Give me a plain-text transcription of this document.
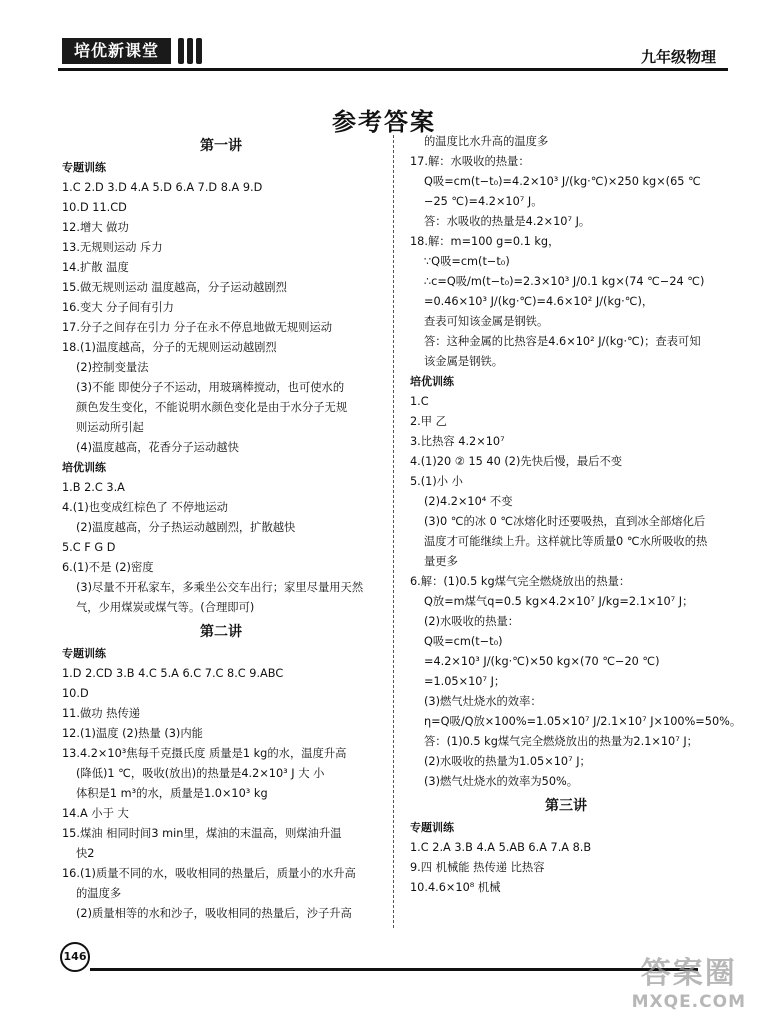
培优新课堂	九年级物理
参考答案
第一讲
专题训练
1.C 2.D 3.D 4.A 5.D 6.A 7.D 8.A 9.D
10.D 11.CD
12.增大 做功
13.无规则运动 斥力
14.扩散 温度
15.做无规则运动 温度越高，分子运动越剧烈
16.变大 分子间有引力
17.分子之间存在引力 分子在永不停息地做无规则运动
18.(1)温度越高，分子的无规则运动越剧烈
(2)控制变量法
(3)不能 即使分子不运动，用玻璃棒搅动，也可使水的
颜色发生变化，不能说明水颜色变化是由于水分子无规
则运动所引起
(4)温度越高，花香分子运动越快
培优训练
1.B 2.C 3.A
4.(1)也变成红棕色了 不停地运动
(2)温度越高，分子热运动越剧烈，扩散越快
5.C F G D
6.(1)不是 (2)密度
(3)尽量不开私家车，多乘坐公交车出行；家里尽量用天然
气，少用煤炭或煤气等。(合理即可)
第二讲
专题训练
1.D 2.CD 3.B 4.C 5.A 6.C 7.C 8.C 9.ABC
10.D
11.做功 热传递
12.(1)温度 (2)热量 (3)内能
13.4.2×10³焦每千克摄氏度 质量是1 kg的水，温度升高
(降低)1 ℃，吸收(放出)的热量是4.2×10³ J 大 小
体积是1 m³的水，质量是1.0×10³ kg
14.A 小于 大
15.煤油 相同时间3 min里，煤油的末温高，则煤油升温
快2
16.(1)质量不同的水，吸收相同的热量后，质量小的水升高
的温度多
(2)质量相等的水和沙子，吸收相同的热量后，沙子升高
的温度比水升高的温度多
17.解：水吸收的热量：
Q吸=cm(t−t₀)=4.2×10³ J/(kg·℃)×250 kg×(65 ℃
−25 ℃)=4.2×10⁷ J。
答：水吸收的热量是4.2×10⁷ J。
18.解：m=100 g=0.1 kg，
∵Q吸=cm(t−t₀)
∴c=Q吸/m(t−t₀)=2.3×10³ J/0.1 kg×(74 ℃−24 ℃)
=0.46×10³ J/(kg·℃)=4.6×10² J/(kg·℃)，
查表可知该金属是钢铁。
答：这种金属的比热容是4.6×10² J/(kg·℃)；查表可知
该金属是钢铁。
培优训练
1.C
2.甲 乙
3.比热容 4.2×10⁷
4.(1)20 ② 15 40 (2)先快后慢，最后不变
5.(1)小 小
(2)4.2×10⁴ 不变
(3)0 ℃的冰 0 ℃冰熔化时还要吸热，直到冰全部熔化后
温度才可能继续上升。这样就比等质量0 ℃水所吸收的热
量更多
6.解：(1)0.5 kg煤气完全燃烧放出的热量：
Q放=m煤气q=0.5 kg×4.2×10⁷ J/kg=2.1×10⁷ J；
(2)水吸收的热量：
Q吸=cm(t−t₀)
=4.2×10³ J/(kg·℃)×50 kg×(70 ℃−20 ℃)
=1.05×10⁷ J；
(3)燃气灶烧水的效率：
η=Q吸/Q放×100%=1.05×10⁷ J/2.1×10⁷ J×100%=50%。
答：(1)0.5 kg煤气完全燃烧放出的热量为2.1×10⁷ J；
(2)水吸收的热量为1.05×10⁷ J；
(3)燃气灶烧水的效率为50%。
第三讲
专题训练
1.C 2.A 3.B 4.A 5.AB 6.A 7.A 8.B
9.四 机械能 热传递 比热容
10.4.6×10⁸ 机械
146	答案圈
MXQE.COM
